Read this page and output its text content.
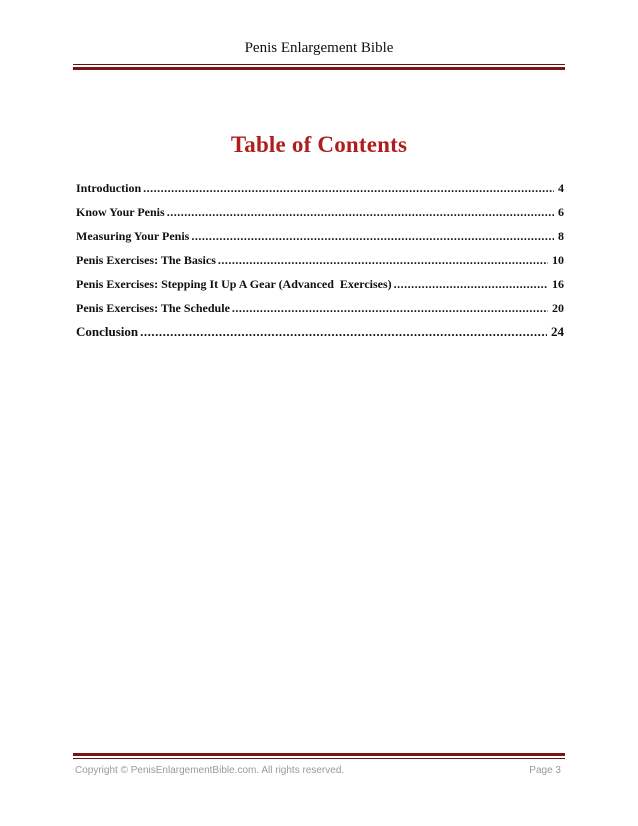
Penis Enlargement Bible
Table of Contents
Introduction .....	4
Know Your Penis .....	6
Measuring Your Penis .....	8
Penis Exercises: The Basics .....	10
Penis Exercises: Stepping It Up A Gear (Advanced  Exercises) .....	16
Penis Exercises: The Schedule .....	20
Conclusion .....	24
Copyright © PenisEnlargementBible.com. All rights reserved.	Page 3
